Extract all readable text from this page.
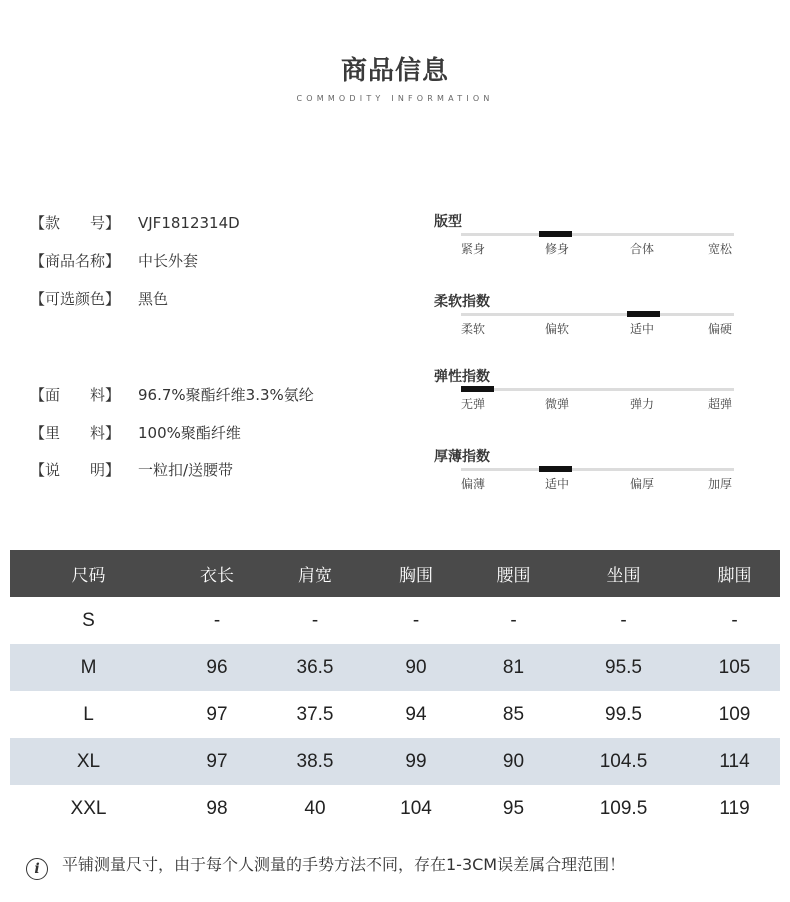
商品信息
COMMODITY INFORMATION
【款　　号】 VJF1812314D
【商品名称】 中长外套
【可选颜色】 黑色
【面　　料】 96.7%聚酯纤维3.3%氨纶
【里　　料】 100%聚酯纤维
【说　　明】 一粒扣/送腰带
版型
紧身	修身	合体	宽松
柔软指数
柔软	偏软	适中	偏硬
弹性指数
无弹	微弹	弹力	超弹
厚薄指数
偏薄	适中	偏厚	加厚
尺码	衣长	肩宽	胸围	腰围	坐围	脚围
S	-	-	-	-	-	-
M	96	36.5	90	81	95.5	105
L	97	37.5	94	85	99.5	109
XL	97	38.5	99	90	104.5	114
XXL	98	40	104	95	109.5	119
i 平铺测量尺寸，由于每个人测量的手势方法不同，存在1-3CM误差属合理范围！
